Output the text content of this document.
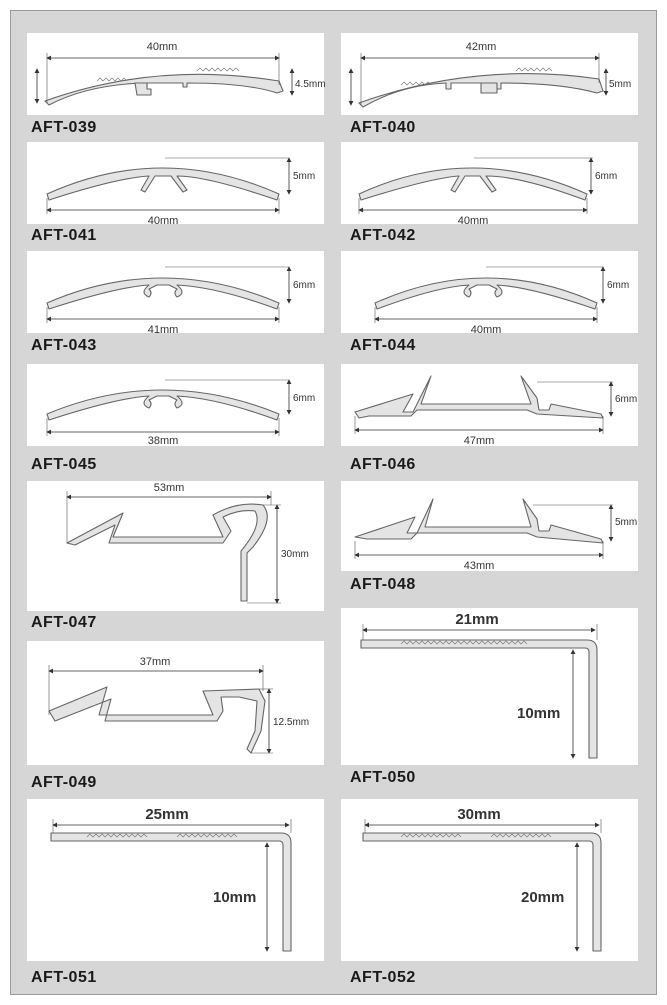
40mm
4.5mm
AFT-039
42mm
5mm
AFT-040
40mm
5mm
AFT-041
40mm
6mm
AFT-042
41mm
6mm
AFT-043
40mm
6mm
AFT-044
38mm
6mm
AFT-045
47mm
6mm
AFT-046
53mm
30mm
AFT-047
43mm
5mm
AFT-048
37mm
12.5mm
AFT-049
21mm
10mm
AFT-050
25mm
10mm
AFT-051
30mm
20mm
AFT-052
